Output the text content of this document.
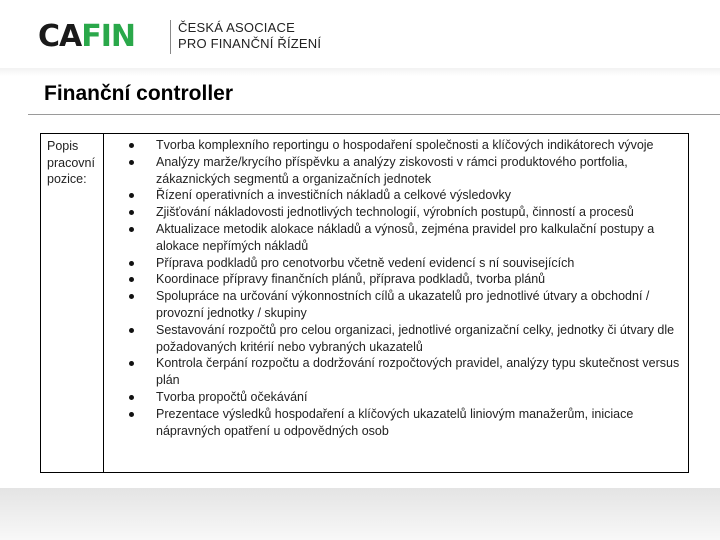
CA FIN	ČESKÁ ASOCIACE
PRO FINANČNÍ ŘÍZENÍ
Finanční controller
Popis pracovní pozice:
Tvorba komplexního reportingu o hospodaření společnosti a klíčových indikátorech vývoje
Analýzy marže/krycího příspěvku a analýzy ziskovosti v rámci produktového portfolia, zákaznických segmentů a organizačních jednotek
Řízení operativních a investičních nákladů a celkové výsledovky
Zjišťování nákladovosti jednotlivých technologií, výrobních postupů, činností a procesů
Aktualizace metodik alokace nákladů a výnosů, zejména pravidel pro kalkulační postupy a alokace nepřímých nákladů
Příprava podkladů pro cenotvorbu včetně vedení evidencí s ní souvisejících
Koordinace přípravy finančních plánů, příprava podkladů, tvorba plánů
Spolupráce na určování výkonnostních cílů a ukazatelů pro jednotlivé útvary a obchodní / provozní jednotky / skupiny
Sestavování rozpočtů pro celou organizaci, jednotlivé organizační celky, jednotky či útvary dle požadovaných kritérií nebo vybraných ukazatelů
Kontrola čerpání rozpočtu a dodržování rozpočtových pravidel, analýzy typu skutečnost versus plán
Tvorba propočtů očekávání
Prezentace výsledků hospodaření a klíčových ukazatelů liniovým manažerům, iniciace nápravných opatření u odpovědných osob
